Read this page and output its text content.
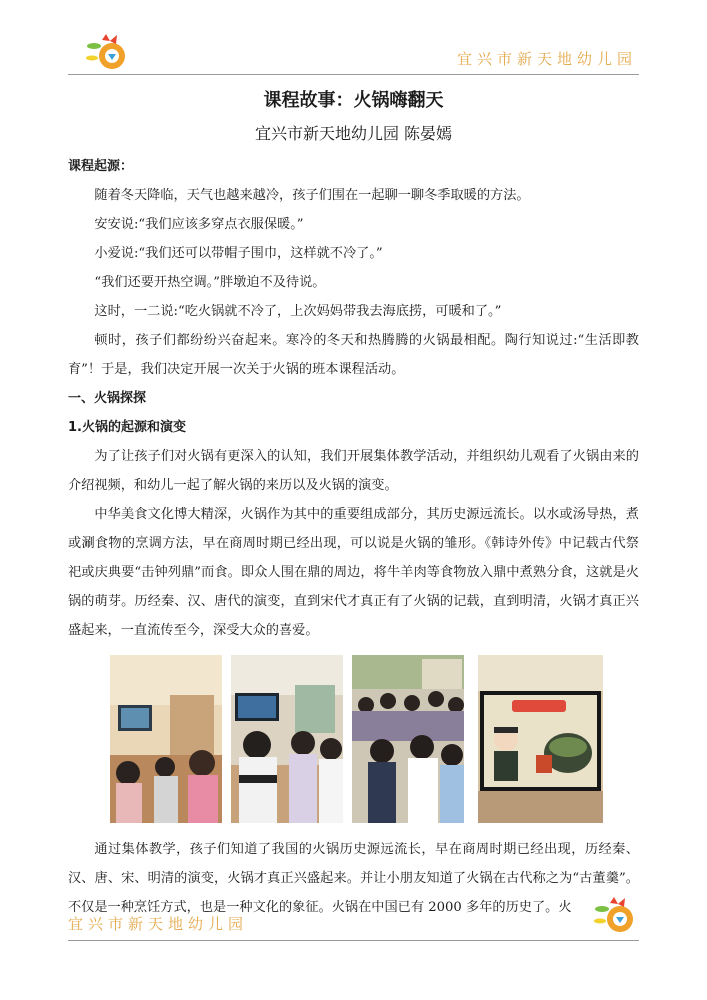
宜兴市新天地幼儿园
课程故事：火锅嗨翻天

宜兴市新天地幼儿园 陈晏嫣

课程起源：

随着冬天降临，天气也越来越冷，孩子们围在一起聊一聊冬季取暖的方法。

安安说:“我们应该多穿点衣服保暖。”

小爱说:“我们还可以带帽子围巾，这样就不冷了。”

“我们还要开热空调。”胖墩迫不及待说。

这时，一二说:“吃火锅就不冷了，上次妈妈带我去海底捞，可暖和了。”

顿时，孩子们都纷纷兴奋起来。寒冷的冬天和热腾腾的火锅最相配。陶行知说过:“生活即教育”！于是，我们决定开展一次关于火锅的班本课程活动。

一、火锅探探

1.火锅的起源和演变

为了让孩子们对火锅有更深入的认知，我们开展集体教学活动，并组织幼儿观看了火锅由来的介绍视频，和幼儿一起了解火锅的来历以及火锅的演变。

中华美食文化博大精深，火锅作为其中的重要组成部分，其历史源远流长。以水或汤导热，煮或涮食物的烹调方法，早在商周时期已经出现，可以说是火锅的雏形。《韩诗外传》中记载古代祭祀或庆典要“击钟列鼎”而食。即众人围在鼎的周边，将牛羊肉等食物放入鼎中煮熟分食，这就是火锅的萌芽。历经秦、汉、唐代的演变，直到宋代才真正有了火锅的记载，直到明清，火锅才真正兴盛起来，一直流传至今，深受大众的喜爱。

通过集体教学，孩子们知道了我国的火锅历史源远流长，早在商周时期已经出现，历经秦、汉、唐、宋、明清的演变，火锅才真正兴盛起来。并让小朋友知道了火锅在古代称之为“古董羹”。不仅是一种烹饪方式，也是一种文化的象征。火锅在中国已有 2000 多年的历史了。火

宜兴市新天地幼儿园
